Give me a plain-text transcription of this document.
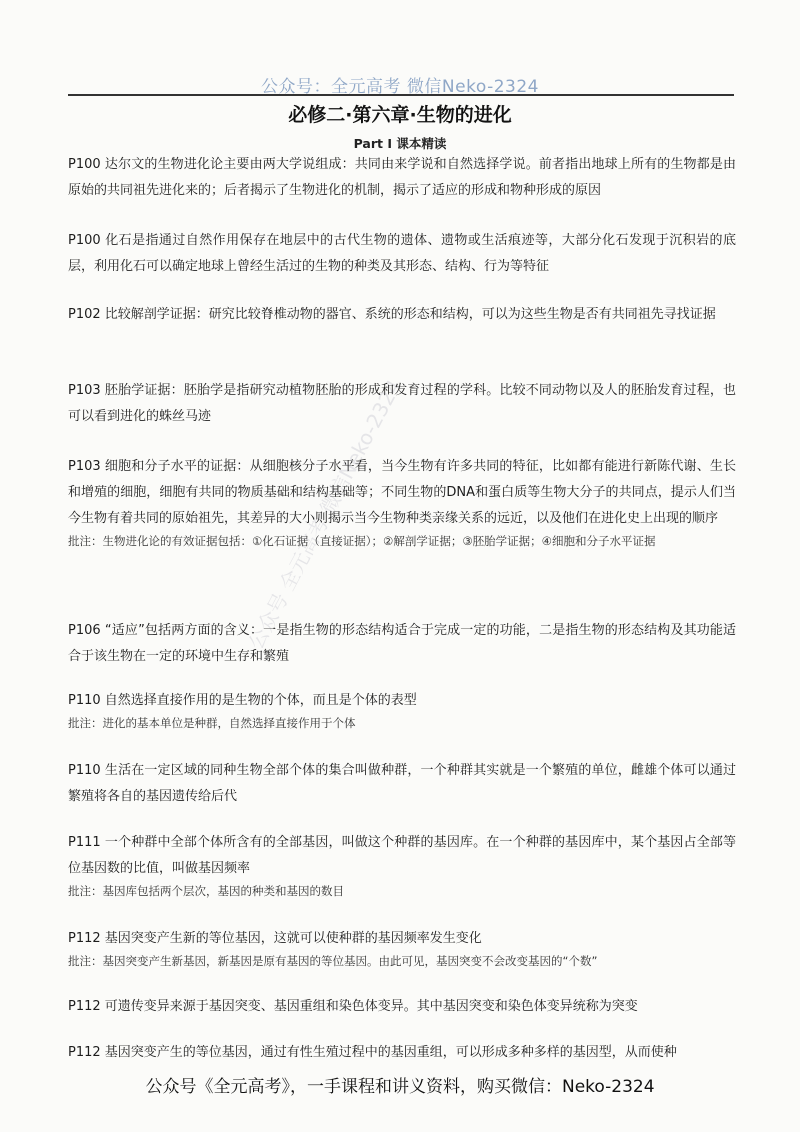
公众号：全元高考 微信Neko-2324
必修二·第六章·生物的进化
Part I 课本精读
公众号 全元高考 微信Neko-2324

P100 达尔文的生物进化论主要由两大学说组成：共同由来学说和自然选择学说。前者指出地球上所有的生物都是由原始的共同祖先进化来的；后者揭示了生物进化的机制，揭示了适应的形成和物种形成的原因

P100 化石是指通过自然作用保存在地层中的古代生物的遗体、遗物或生活痕迹等，大部分化石发现于沉积岩的底层，利用化石可以确定地球上曾经生活过的生物的种类及其形态、结构、行为等特征

P102 比较解剖学证据：研究比较脊椎动物的器官、系统的形态和结构，可以为这些生物是否有共同祖先寻找证据

P103 胚胎学证据：胚胎学是指研究动植物胚胎的形成和发育过程的学科。比较不同动物以及人的胚胎发育过程，也可以看到进化的蛛丝马迹

P103 细胞和分子水平的证据：从细胞核分子水平看，当今生物有许多共同的特征，比如都有能进行新陈代谢、生长和增殖的细胞，细胞有共同的物质基础和结构基础等；不同生物的DNA和蛋白质等生物大分子的共同点，提示人们当今生物有着共同的原始祖先，其差异的大小则揭示当今生物种类亲缘关系的远近，以及他们在进化史上出现的顺序

批注：生物进化论的有效证据包括：①化石证据（直接证据）；②解剖学证据；③胚胎学证据；④细胞和分子水平证据

P106 “适应”包括两方面的含义：一是指生物的形态结构适合于完成一定的功能，二是指生物的形态结构及其功能适合于该生物在一定的环境中生存和繁殖

P110 自然选择直接作用的是生物的个体，而且是个体的表型

批注：进化的基本单位是种群，自然选择直接作用于个体

P110 生活在一定区域的同种生物全部个体的集合叫做种群，一个种群其实就是一个繁殖的单位，雌雄个体可以通过繁殖将各自的基因遗传给后代

P111 一个种群中全部个体所含有的全部基因，叫做这个种群的基因库。在一个种群的基因库中，某个基因占全部等位基因数的比值，叫做基因频率

批注：基因库包括两个层次，基因的种类和基因的数目

P112 基因突变产生新的等位基因，这就可以使种群的基因频率发生变化

批注：基因突变产生新基因，新基因是原有基因的等位基因。由此可见，基因突变不会改变基因的“个数”

P112 可遗传变异来源于基因突变、基因重组和染色体变异。其中基因突变和染色体变异统称为突变

P112 基因突变产生的等位基因，通过有性生殖过程中的基因重组，可以形成多种多样的基因型，从而使种

公众号《全元高考》，一手课程和讲义资料，购买微信：Neko-2324
